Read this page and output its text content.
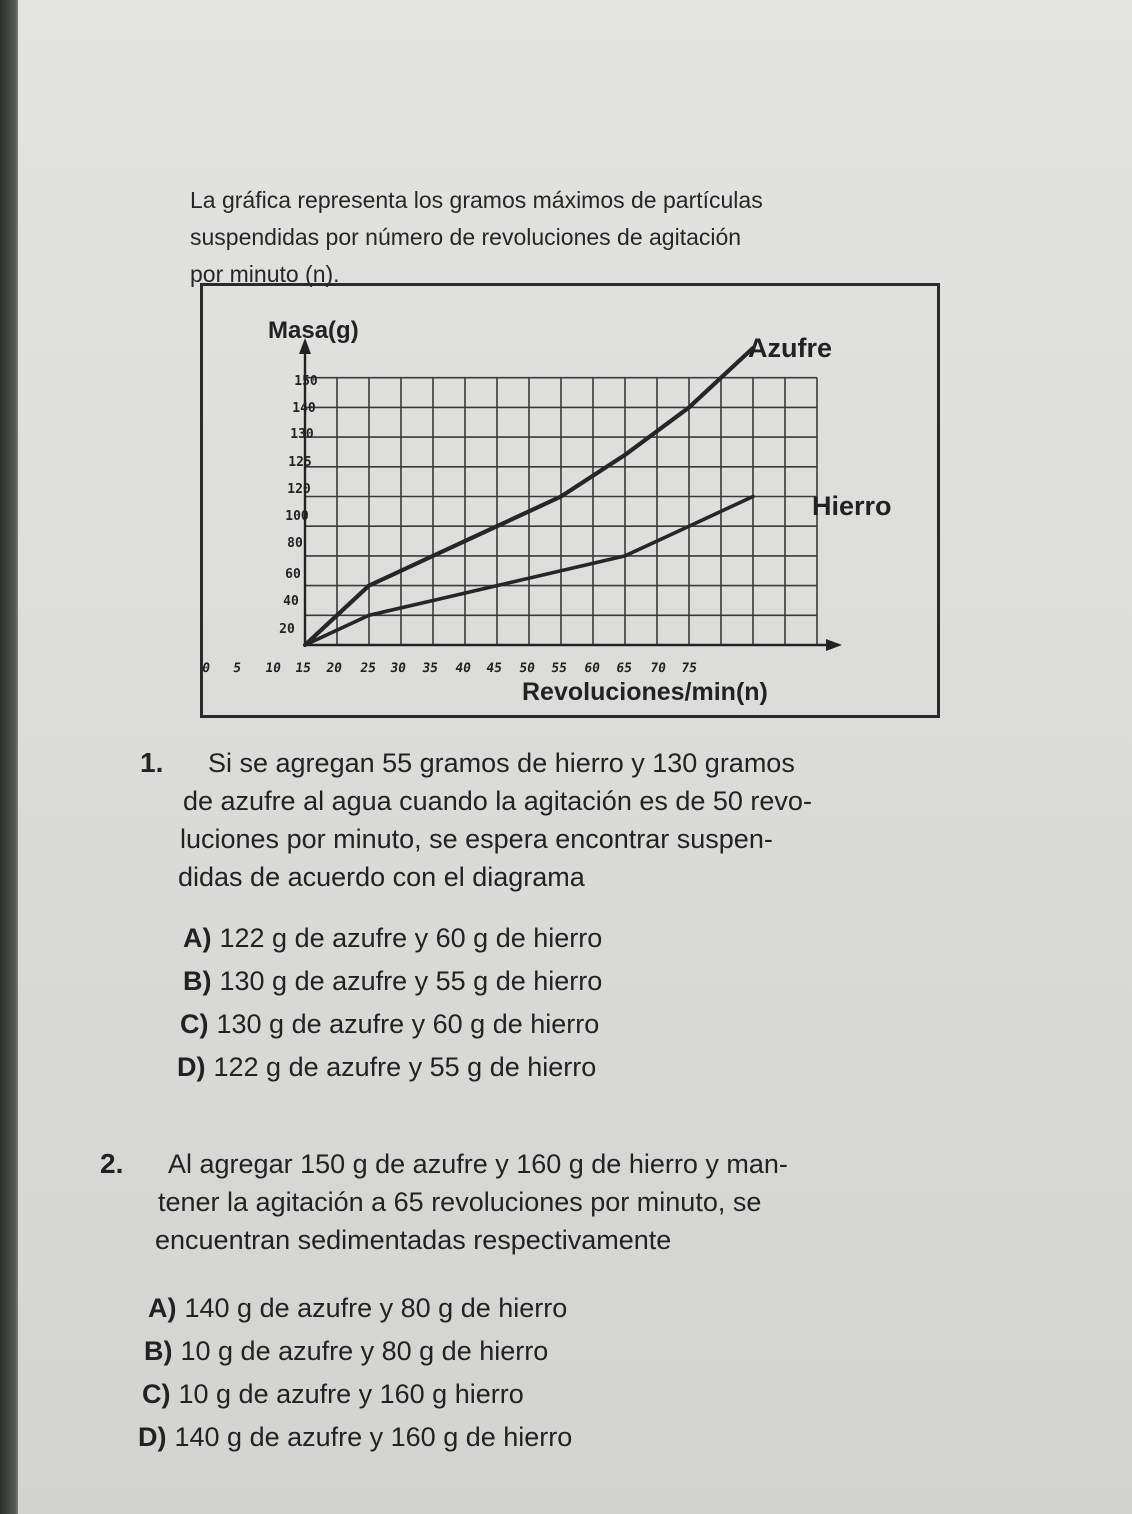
La gráfica representa los gramos máximos de partículas
suspendidas por número de revoluciones de agitación
por minuto (n).
0 5 10 15 20 25 30 35 40 45 50 55 60 65 70 75
20
40
60
80
100
120
125
130
140
150
Masa(g)
Revoluciones/min(n)
Azufre
Hierro
1. Si se agregan 55 gramos de hierro y 130 gramos
de azufre al agua cuando la agitación es de 50 revo-
luciones por minuto, se espera encontrar suspen-
didas de acuerdo con el diagrama
A) 122 g de azufre y 60 g de hierro
B) 130 g de azufre y 55 g de hierro
C) 130 g de azufre y 60 g de hierro
D) 122 g de azufre y 55 g de hierro
2. Al agregar 150 g de azufre y 160 g de hierro y man-
tener la agitación a 65 revoluciones por minuto, se
encuentran sedimentadas respectivamente
A) 140 g de azufre y 80 g de hierro
B) 10 g de azufre y 80 g de hierro
C) 10 g de azufre y 160 g hierro
D) 140 g de azufre y 160 g de hierro
